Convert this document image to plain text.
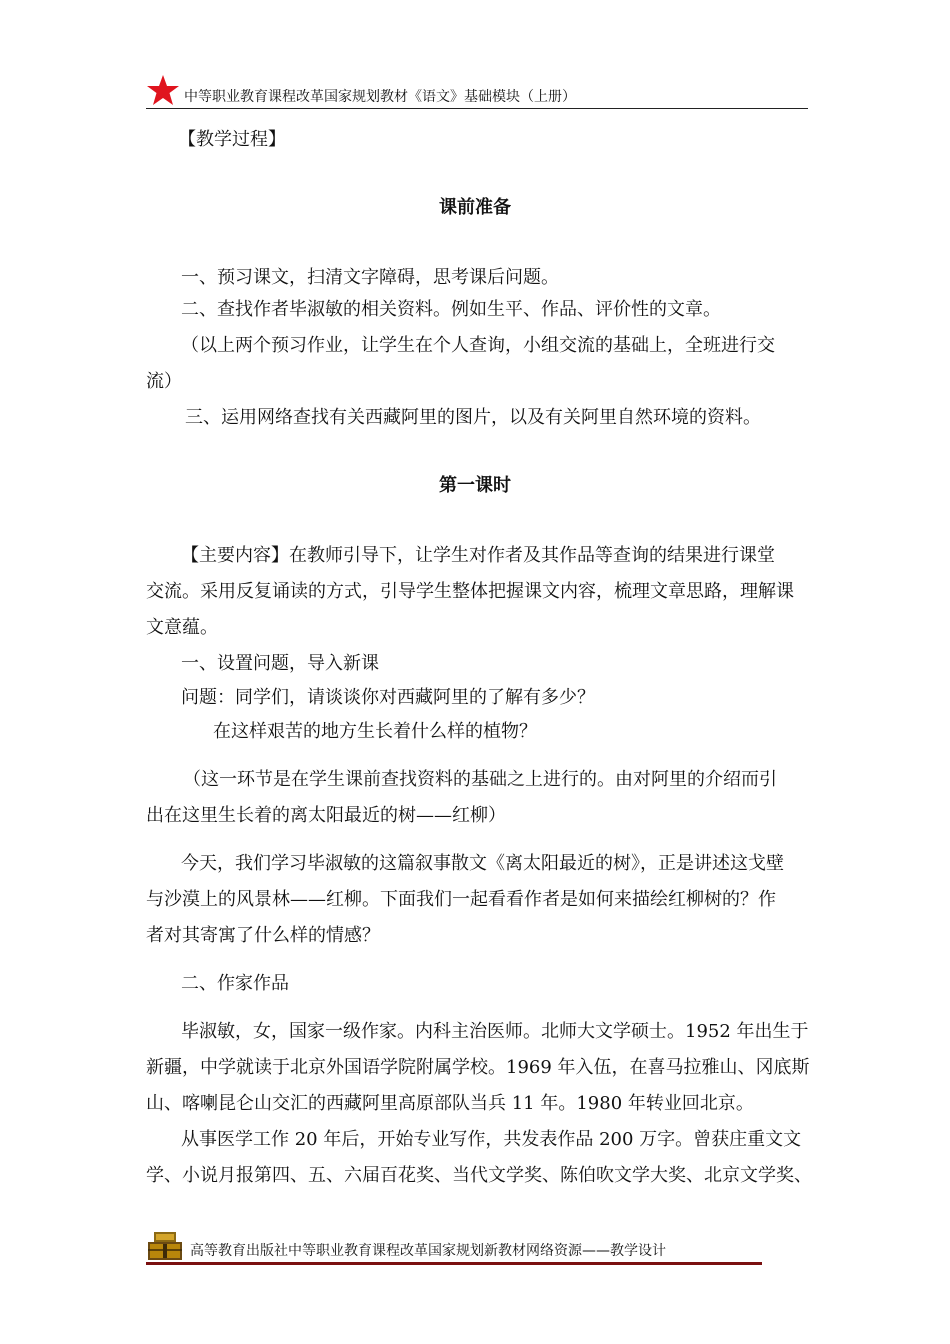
中等职业教育课程改革国家规划教材《语文》基础模块（上册）
【教学过程】
课前准备
一、预习课文，扫清文字障碍，思考课后问题。
二、查找作者毕淑敏的相关资料。例如生平、作品、评价性的文章。
（以上两个预习作业，让学生在个人查询，小组交流的基础上，全班进行交
流）
三、运用网络查找有关西藏阿里的图片，以及有关阿里自然环境的资料。
第一课时
【主要内容】在教师引导下，让学生对作者及其作品等查询的结果进行课堂
交流。采用反复诵读的方式，引导学生整体把握课文内容，梳理文章思路，理解课
文意蕴。
一、设置问题，导入新课
问题：同学们，请谈谈你对西藏阿里的了解有多少？
在这样艰苦的地方生长着什么样的植物？
（这一环节是在学生课前查找资料的基础之上进行的。由对阿里的介绍而引
出在这里生长着的离太阳最近的树——红柳）
今天，我们学习毕淑敏的这篇叙事散文《离太阳最近的树》，正是讲述这戈壁
与沙漠上的风景林——红柳。下面我们一起看看作者是如何来描绘红柳树的？作
者对其寄寓了什么样的情感？
二、作家作品
毕淑敏，女，国家一级作家。内科主治医师。北师大文学硕士。1952 年出生于
新疆，中学就读于北京外国语学院附属学校。1969 年入伍，在喜马拉雅山、冈底斯
山、喀喇昆仑山交汇的西藏阿里高原部队当兵 11 年。1980 年转业回北京。
从事医学工作 20 年后，开始专业写作，共发表作品 200 万字。曾获庄重文文
学、小说月报第四、五、六届百花奖、当代文学奖、陈伯吹文学大奖、北京文学奖、
高等教育出版社中等职业教育课程改革国家规划新教材网络资源——教学设计
